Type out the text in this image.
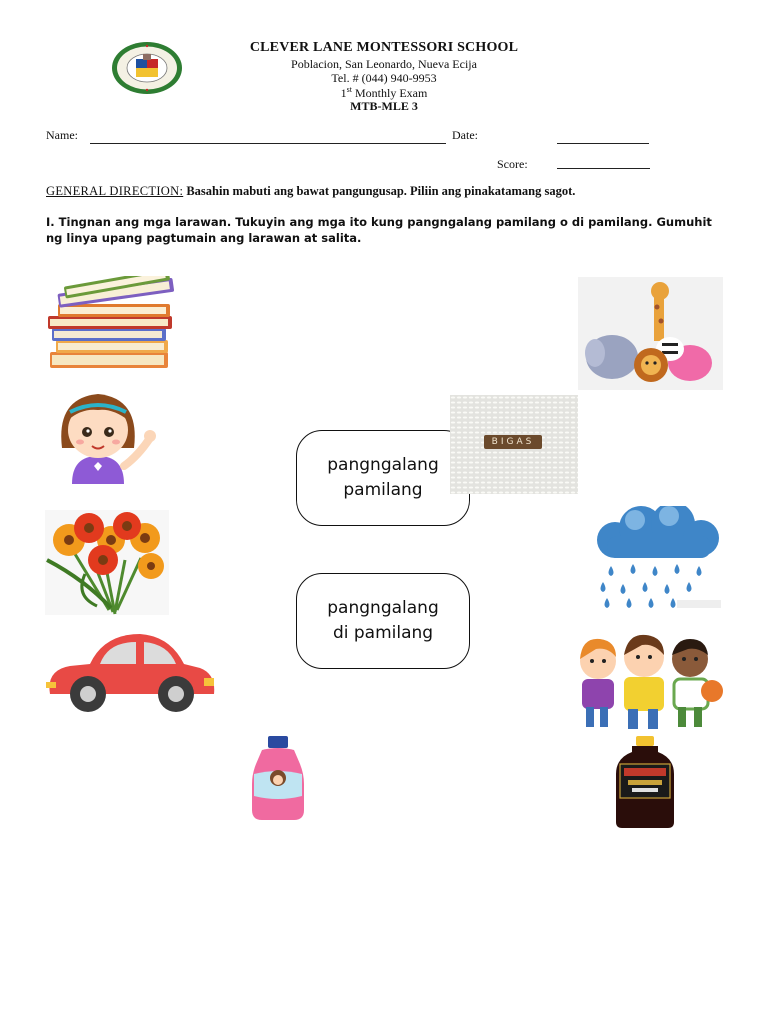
CLEVER LANE MONTESSORI SCHOOL
Poblacion, San Leonardo, Nueva Ecija
Tel. # (044) 940-9953
1st Monthly Exam
MTB-MLE 3
Name:	Date:
Score:
GENERAL DIRECTION: Basahin mabuti ang bawat pangungusap. Piliin ang pinakatamang sagot.
I. Tingnan ang mga larawan. Tukuyin ang mga ito kung pangngalang pamilang o di pamilang. Gumuhit ng linya upang pagtumain ang larawan at salita.
pangngalang
pamilang
pangngalang
di pamilang
BIGAS
